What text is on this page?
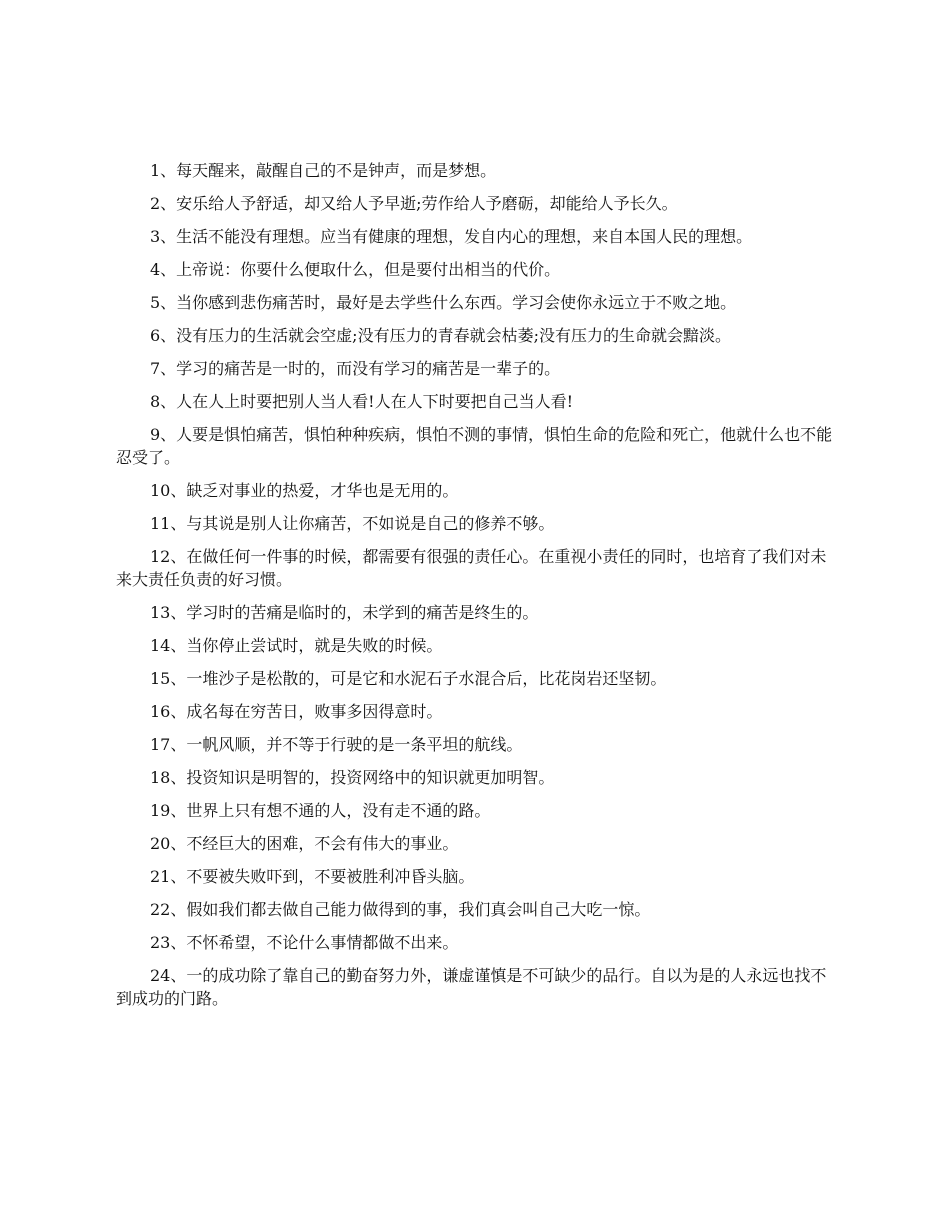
1、每天醒来，敲醒自己的不是钟声，而是梦想。

2、安乐给人予舒适，却又给人予早逝;劳作给人予磨砺，却能给人予长久。

3、生活不能没有理想。应当有健康的理想，发自内心的理想，来自本国人民的理想。

4、上帝说：你要什么便取什么，但是要付出相当的代价。

5、当你感到悲伤痛苦时，最好是去学些什么东西。学习会使你永远立于不败之地。

6、没有压力的生活就会空虚;没有压力的青春就会枯萎;没有压力的生命就会黯淡。

7、学习的痛苦是一时的，而没有学习的痛苦是一辈子的。

8、人在人上时要把别人当人看!人在人下时要把自己当人看!

9、人要是惧怕痛苦，惧怕种种疾病，惧怕不测的事情，惧怕生命的危险和死亡，他就什么也不能忍受了。

10、缺乏对事业的热爱，才华也是无用的。

11、与其说是别人让你痛苦，不如说是自己的修养不够。

12、在做任何一件事的时候，都需要有很强的责任心。在重视小责任的同时，也培育了我们对未来大责任负责的好习惯。

13、学习时的苦痛是临时的，未学到的痛苦是终生的。

14、当你停止尝试时，就是失败的时候。

15、一堆沙子是松散的，可是它和水泥石子水混合后，比花岗岩还坚韧。

16、成名每在穷苦日，败事多因得意时。

17、一帆风顺，并不等于行驶的是一条平坦的航线。

18、投资知识是明智的，投资网络中的知识就更加明智。

19、世界上只有想不通的人，没有走不通的路。

20、不经巨大的困难，不会有伟大的事业。

21、不要被失败吓到，不要被胜利冲昏头脑。

22、假如我们都去做自己能力做得到的事，我们真会叫自己大吃一惊。

23、不怀希望，不论什么事情都做不出来。

24、一的成功除了靠自己的勤奋努力外，谦虚谨慎是不可缺少的品行。自以为是的人永远也找不到成功的门路。
